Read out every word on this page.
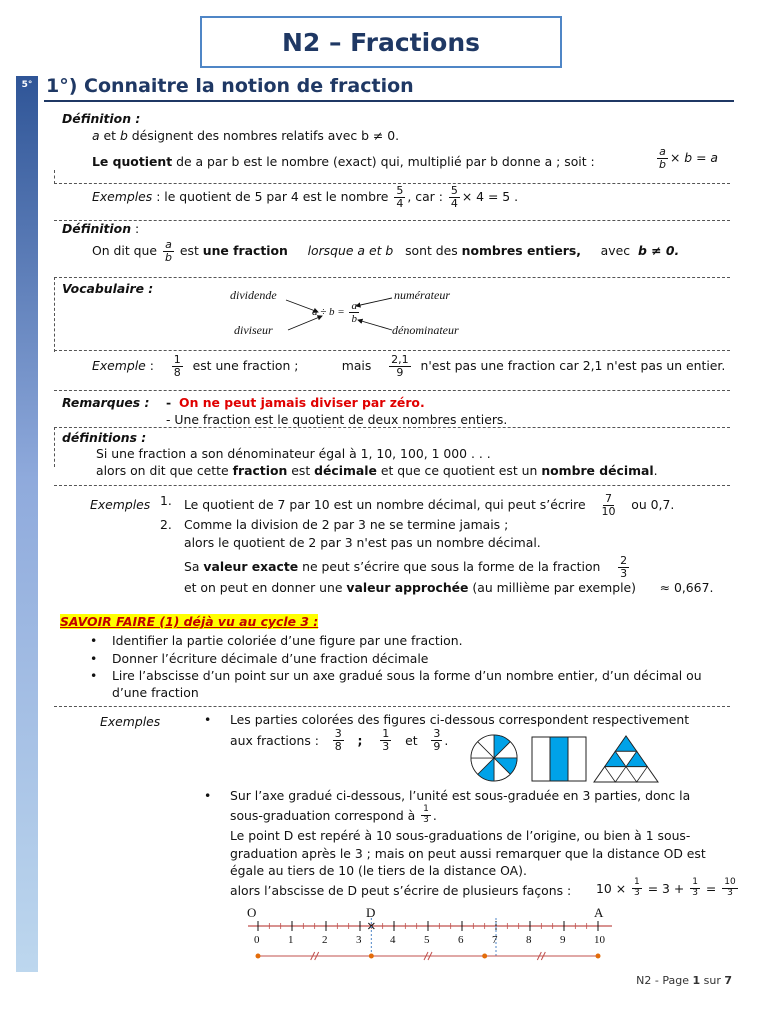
N2 – Fractions
5° 1°) Connaitre la notion de fraction
Définition :
a et b désignent des nombres relatifs avec b ≠ 0.
Le quotient de a par b est le nombre (exact) qui, multiplié par b donne a ; soit :	$\frac{a}{b} \times b = a$
Exemples : le quotient de 5 par 4 est le nombre $\frac{5}{4}$ , car : $\frac{5}{4} \times 4 = 5$ .
Définition :
On dit que $\frac{a}{b}$ est une fraction lorsque a et b sont des nombres entiers, avec b ≠ 0.
Vocabulaire :	dividende	numérateur
diviseur	dénominateur
$a \div b = \frac{a}{b}$
Exemple : $\frac{1}{8}$ est une fraction ;	mais $\frac{2,1}{9} n'est$ pas une fraction car 2,1 n'est pas un entier.
Remarques : - On ne peut jamais diviser par zéro.
- Une fraction est le quotient de deux nombres entiers.
définitions :
Si une fraction a son dénominateur égal à 1, 10, 100, 1 000 . . .
alors on dit que cette fraction est décimale et que ce quotient est un nombre décimal.
Exemples 1. Le quotient de 7 par 10 est un nombre décimal, qui peut s’écrire $\frac{7}{10}$ ou 0,7.
2. Comme la division de 2 par 3 ne se termine jamais ;
alors le quotient de 2 par 3 n'est pas un nombre décimal.
Sa valeur exacte ne peut s’écrire que sous la forme de la fraction $\frac{2}{3}$
et on peut en donner une valeur approchée (au millième par exemple) ≈ 0,667.
SAVOIR FAIRE (1) déjà vu au cycle 3 :
• Identifier la partie coloriée d’une figure par une fraction.
• Donner l’écriture décimale d’une fraction décimale
• Lire l’abscisse d’un point sur un axe gradué sous la forme d’un nombre entier, d’un décimal ou
d’une fraction
Exemples	• Les parties colorées des figures ci-dessous correspondent respectivement
aux fractions : $\frac{3}{8}$ ; $\frac{1}{3}$ et $\frac{3}{9}$ .
• Sur l’axe gradué ci-dessous, l’unité est sous-graduée en 3 parties, donc la
sous-graduation correspond à $\frac{1}{3}$ .
Le point D est repéré à 10 sous-graduations de l’origine, ou bien à 1 sous-
graduation après le 3 ; mais on peut aussi remarquer que la distance OD est
égale au tiers de 10 (le tiers de la distance OA).
alors l’abscisse de D peut s’écrire de plusieurs façons : $10 \times \frac{1}{3} = 3 + \frac{1}{3} = \frac{10}{3}$
O	D	A
0	1	2	3	4	5	6	7	8	9	10
N2 - Page 1 sur 7
